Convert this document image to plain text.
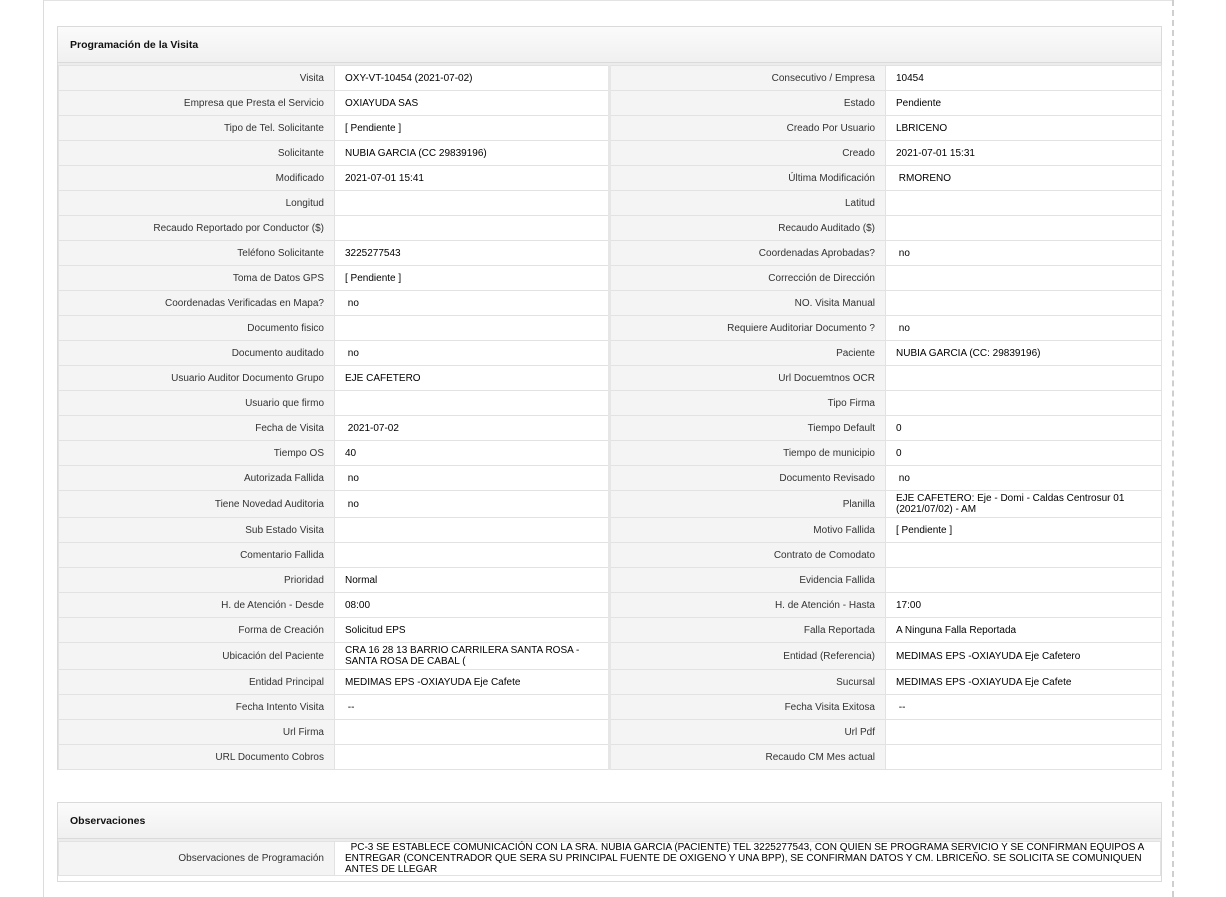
Programación de la Visita
Visita	OXY-VT-10454 (2021-07-02)	Consecutivo / Empresa	10454
Empresa que Presta el Servicio	OXIAYUDA SAS	Estado	Pendiente
Tipo de Tel. Solicitante	[ Pendiente ]	Creado Por Usuario	LBRICENO
Solicitante	NUBIA GARCIA (CC 29839196)	Creado	2021-07-01 15:31
Modificado	2021-07-01 15:41	Última Modificación	RMORENO
Longitud		Latitud	
Recaudo Reportado por Conductor ($)		Recaudo Auditado ($)	
Teléfono Solicitante	3225277543	Coordenadas Aprobadas?	no
Toma de Datos GPS	[ Pendiente ]	Corrección de Dirección	
Coordenadas Verificadas en Mapa?	no	NO. Visita Manual	
Documento fisico		Requiere Auditoriar Documento ?	no
Documento auditado	no	Paciente	NUBIA GARCIA (CC: 29839196)
Usuario Auditor Documento Grupo	EJE CAFETERO	Url Docuemtnos OCR	
Usuario que firmo		Tipo Firma	
Fecha de Visita	2021-07-02	Tiempo Default	0
Tiempo OS	40	Tiempo de municipio	0
Autorizada Fallida	no	Documento Revisado	no
Tiene Novedad Auditoria	no	Planilla	EJE CAFETERO: Eje - Domi - Caldas Centrosur 01 (2021/07/02) - AM
Sub Estado Visita		Motivo Fallida	[ Pendiente ]
Comentario Fallida		Contrato de Comodato	
Prioridad	Normal	Evidencia Fallida	
H. de Atención - Desde	08:00	H. de Atención - Hasta	17:00
Forma de Creación	Solicitud EPS	Falla Reportada	A Ninguna Falla Reportada
Ubicación del Paciente	CRA 16 28 13 BARRIO CARRILERA SANTA ROSA - SANTA ROSA DE CABAL (	Entidad (Referencia)	MEDIMAS EPS -OXIAYUDA Eje Cafetero
Entidad Principal	MEDIMAS EPS -OXIAYUDA Eje Cafete	Sucursal	MEDIMAS EPS -OXIAYUDA Eje Cafete
Fecha Intento Visita	--	Fecha Visita Exitosa	--
Url Firma		Url Pdf	
URL Documento Cobros		Recaudo CM Mes actual	
Observaciones
Observaciones de Programación	PC-3 SE ESTABLECE COMUNICACIÓN CON LA SRA. NUBIA GARCIA (PACIENTE) TEL 3225277543, CON QUIEN SE PROGRAMA SERVICIO Y SE CONFIRMAN EQUIPOS A ENTREGAR (CONCENTRADOR QUE SERA SU PRINCIPAL FUENTE DE OXIGENO Y UNA BPP), SE CONFIRMAN DATOS Y CM. LBRICEÑO. SE SOLICITA SE COMUNIQUEN ANTES DE LLEGAR
